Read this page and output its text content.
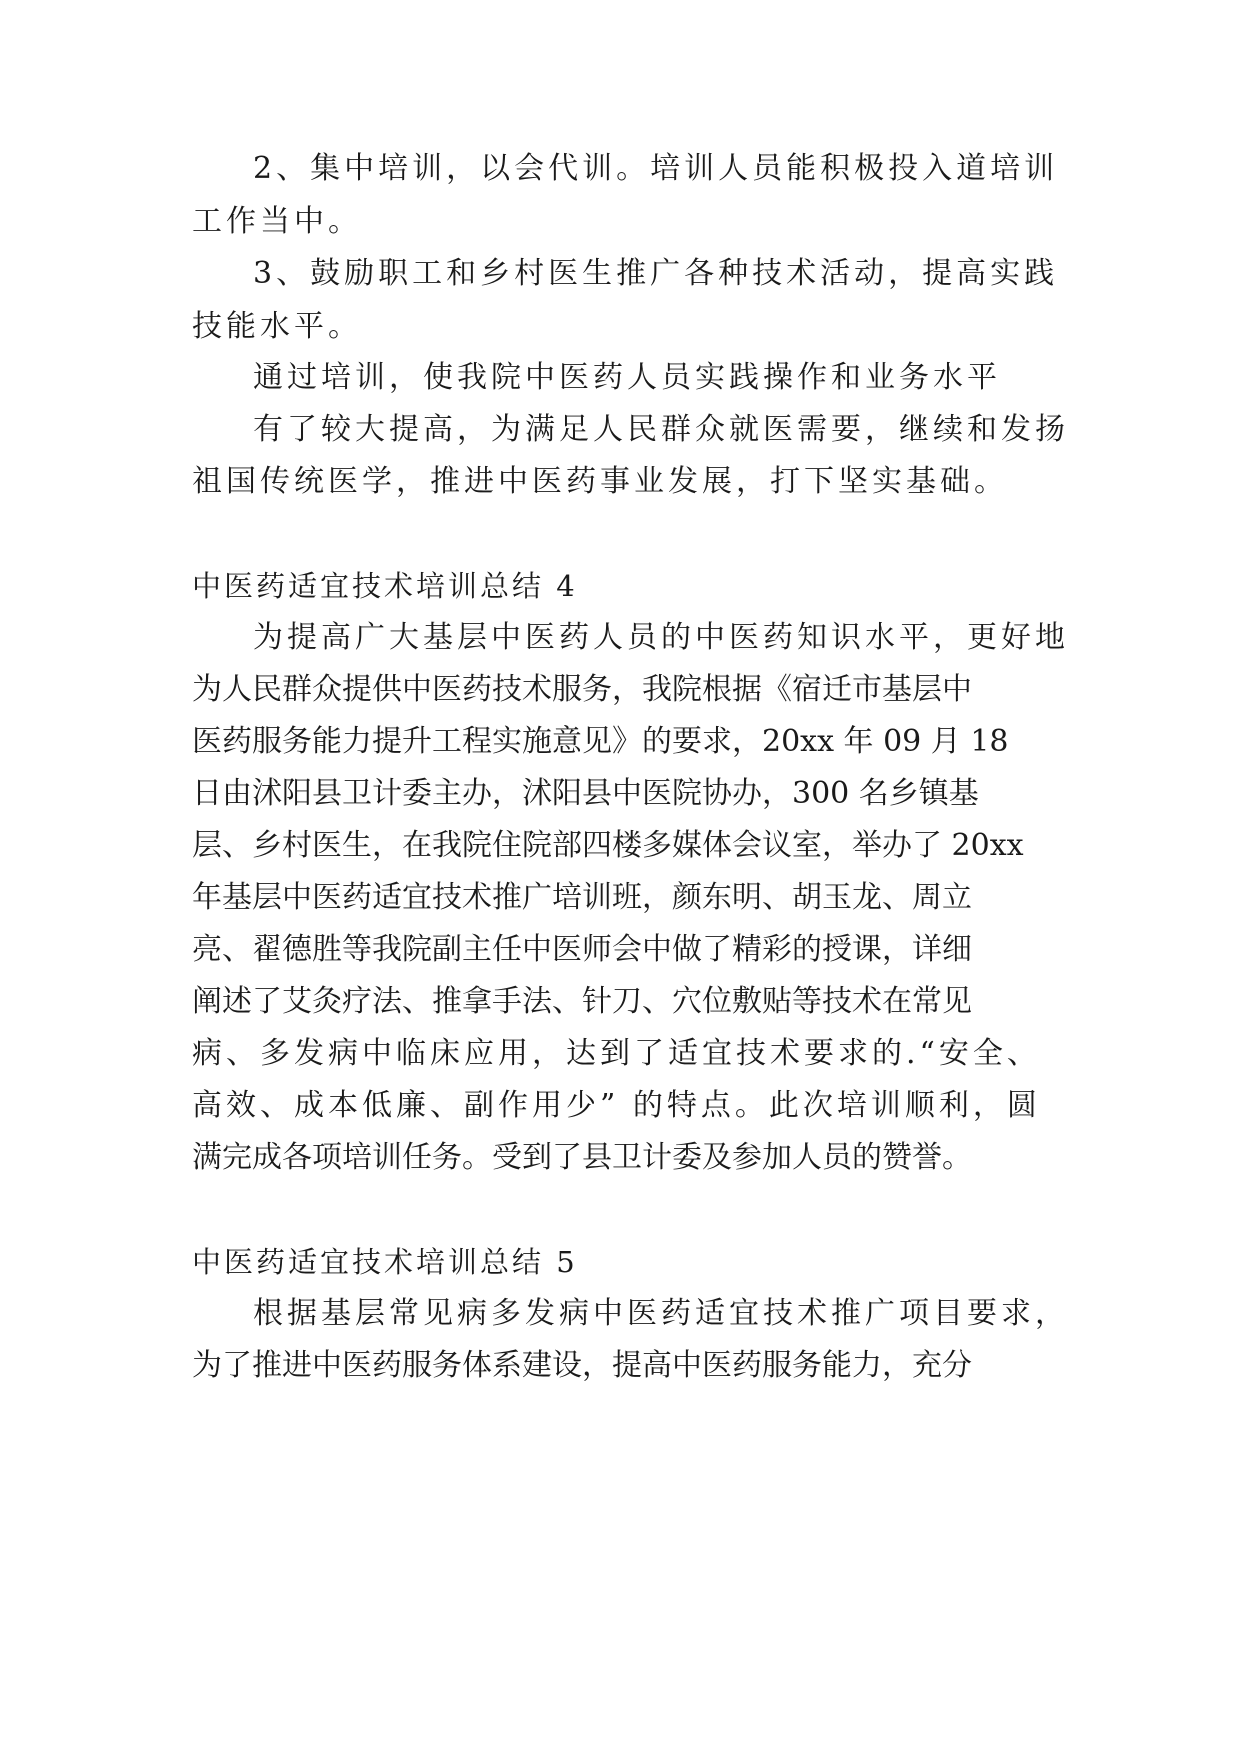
2、集中培训，以会代训。培训人员能积极投入道培训
工作当中。
3、鼓励职工和乡村医生推广各种技术活动，提高实践
技能水平。
通过培训，使我院中医药人员实践操作和业务水平
有了较大提高，为满足人民群众就医需要，继续和发扬
祖国传统医学，推进中医药事业发展，打下坚实基础。
中医药适宜技术培训总结 4
为提高广大基层中医药人员的中医药知识水平，更好地
为人民群众提供中医药技术服务，我院根据《宿迁市基层中
医药服务能力提升工程实施意见》的要求，20xx 年 09 月 18
日由沭阳县卫计委主办，沭阳县中医院协办，300 名乡镇基
层、乡村医生，在我院住院部四楼多媒体会议室，举办了 20xx
年基层中医药适宜技术推广培训班，颜东明、胡玉龙、周立
亮、翟德胜等我院副主任中医师会中做了精彩的授课，详细
阐述了艾灸疗法、推拿手法、针刀、穴位敷贴等技术在常见
病、多发病中临床应用，达到了适宜技术要求的.“安全、
高效、成本低廉、副作用少” 的特点。此次培训顺利，圆
满完成各项培训任务。受到了县卫计委及参加人员的赞誉。
中医药适宜技术培训总结 5
根据基层常见病多发病中医药适宜技术推广项目要求，
为了推进中医药服务体系建设，提高中医药服务能力，充分
